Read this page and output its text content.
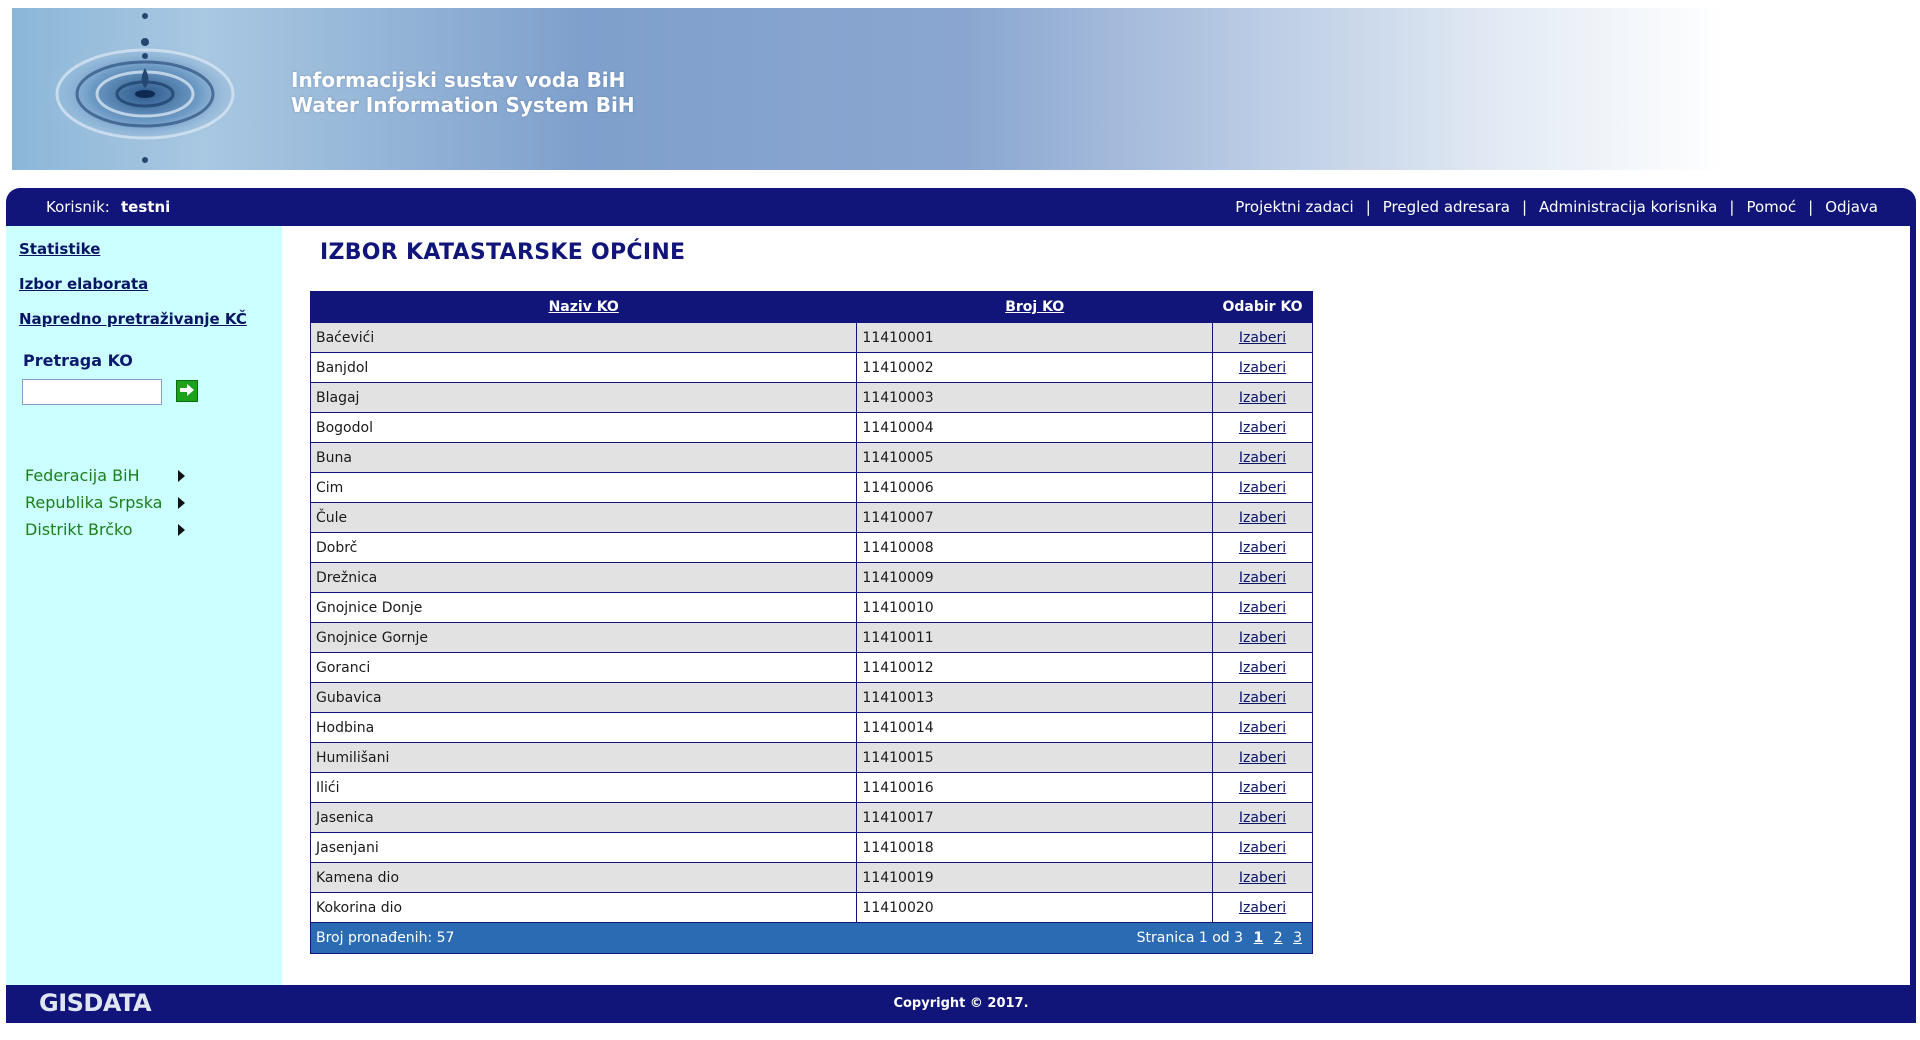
Informacijski sustav voda BiH
Water Information System BiH
Korisnik: testni	Projektni zadaci | Pregled adresara | Administracija korisnika | Pomoć | Odjava
Statistike
Izbor elaborata
Napredno pretraživanje KČ
Pretraga KO
Federacija BiH
Republika Srpska
Distrikt Brčko
IZBOR KATASTARSKE OPĆINE
Naziv KO	Broj KO	Odabir KO
Baćevići	11410001	Izaberi
Banjdol	11410002	Izaberi
Blagaj	11410003	Izaberi
Bogodol	11410004	Izaberi
Buna	11410005	Izaberi
Cim	11410006	Izaberi
Čule	11410007	Izaberi
Dobrč	11410008	Izaberi
Drežnica	11410009	Izaberi
Gnojnice Donje	11410010	Izaberi
Gnojnice Gornje	11410011	Izaberi
Goranci	11410012	Izaberi
Gubavica	11410013	Izaberi
Hodbina	11410014	Izaberi
Humilišani	11410015	Izaberi
Ilići	11410016	Izaberi
Jasenica	11410017	Izaberi
Jasenjani	11410018	Izaberi
Kamena dio	11410019	Izaberi
Kokorina dio	11410020	Izaberi
Broj pronađenih: 57 Stranica 1 od 3 1 2 3		
GISDATA	Copyright © 2017.
